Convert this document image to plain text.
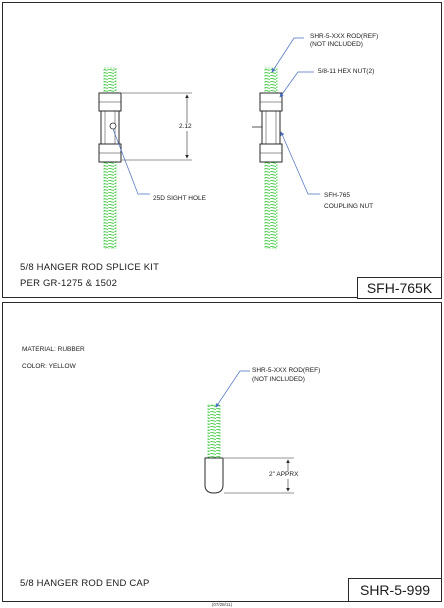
SHR-5-XXX ROD(REF)
(NOT INCLUDED)
5/8-11 HEX NUT(2)
2.12
25D SIGHT HOLE	SFH-765
COUPLING NUT
5/8 HANGER ROD SPLICE KIT
PER GR-1275 & 1502	SFH-765K
MATERIAL: RUBBER
COLOR: YELLOW
SHR-5-XXX ROD(REF)
(NOT INCLUDED)
2" APPRX
5/8 HANGER ROD END CAP	SHR-5-999
(07/28/11)
